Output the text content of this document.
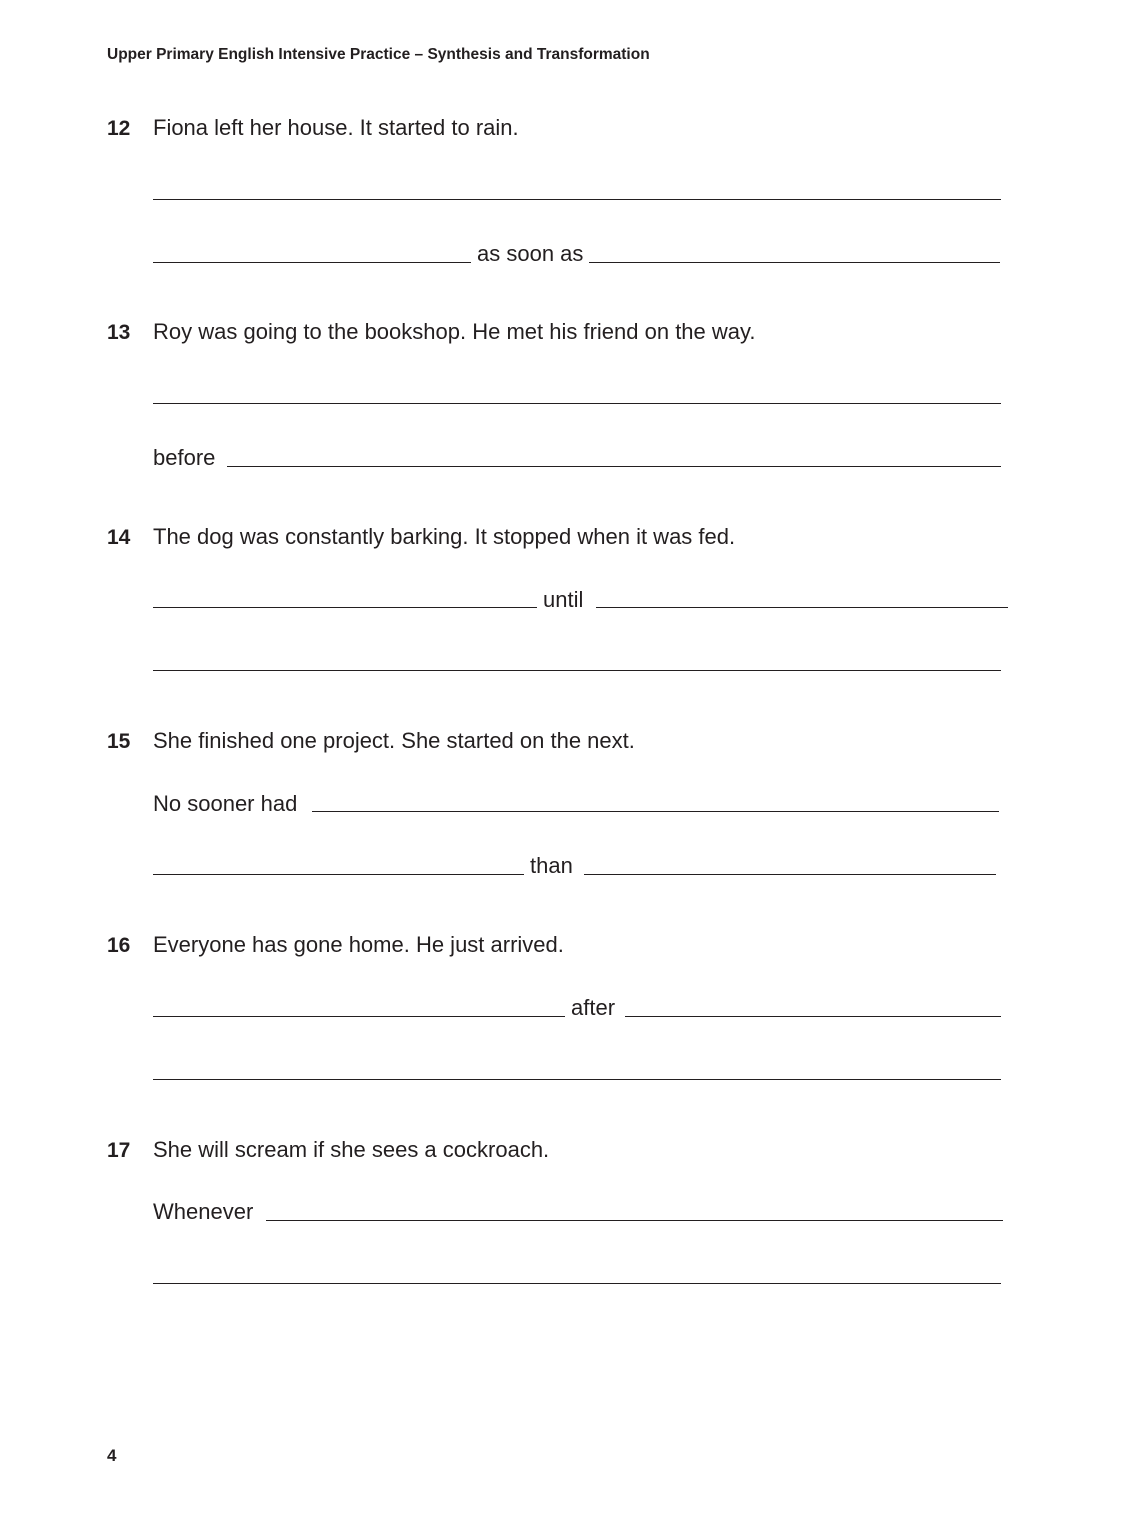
Upper Primary English Intensive Practice – Synthesis and Transformation
12 Fiona left her house. It started to rain.
as soon as
13 Roy was going to the bookshop. He met his friend on the way.
before
14 The dog was constantly barking. It stopped when it was fed.
until
15 She finished one project. She started on the next.
No sooner had
than
16 Everyone has gone home. He just arrived.
after
17 She will scream if she sees a cockroach.
Whenever
4
